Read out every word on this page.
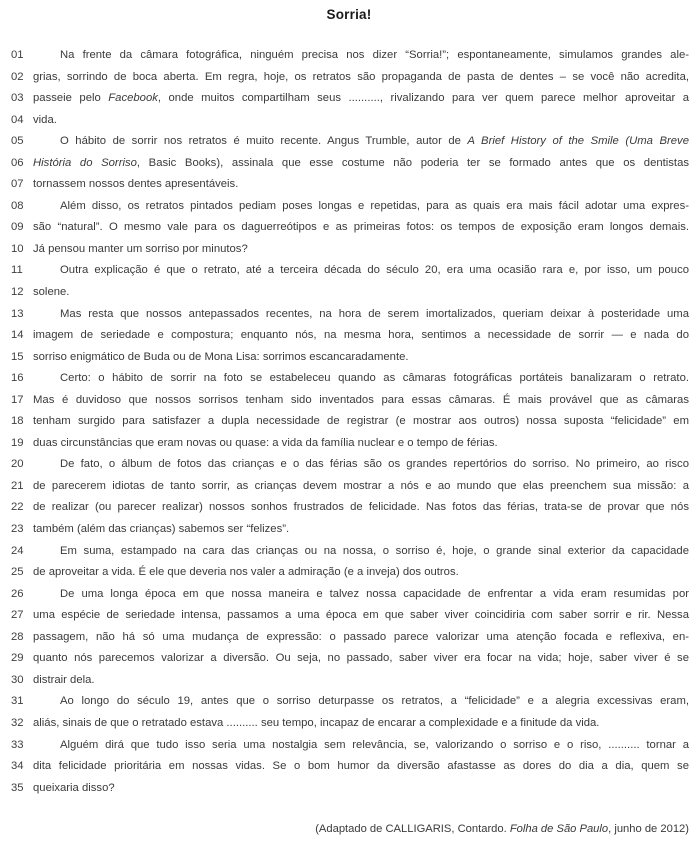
Sorria!
01	Na frente da câmara fotográfica, ninguém precisa nos dizer “Sorria!”; espontaneamente, simulamos grandes ale-
02 grias, sorrindo de boca aberta. Em regra, hoje, os retratos são propaganda de pasta de dentes – se você não acredita,
03 passeie pelo Facebook, onde muitos compartilham seus .........., rivalizando para ver quem parece melhor aproveitar a
04 vida.
05	O hábito de sorrir nos retratos é muito recente. Angus Trumble, autor de A Brief History of the Smile (Uma Breve
06 História do Sorriso, Basic Books), assinala que esse costume não poderia ter se formado antes que os dentistas
07 tornassem nossos dentes apresentáveis.
08	Além disso, os retratos pintados pediam poses longas e repetidas, para as quais era mais fácil adotar uma expres-
09 são “natural”. O mesmo vale para os daguerreótipos e as primeiras fotos: os tempos de exposição eram longos demais.
10 Já pensou manter um sorriso por minutos?
11	Outra explicação é que o retrato, até a terceira década do século 20, era uma ocasião rara e, por isso, um pouco
12 solene.
13	Mas resta que nossos antepassados recentes, na hora de serem imortalizados, queriam deixar à posteridade uma
14 imagem de seriedade e compostura; enquanto nós, na mesma hora, sentimos a necessidade de sorrir — e nada do
15 sorriso enigmático de Buda ou de Mona Lisa: sorrimos escancaradamente.
16	Certo: o hábito de sorrir na foto se estabeleceu quando as câmaras fotográficas portáteis banalizaram o retrato.
17 Mas é duvidoso que nossos sorrisos tenham sido inventados para essas câmaras. É mais provável que as câmaras
18 tenham surgido para satisfazer a dupla necessidade de registrar (e mostrar aos outros) nossa suposta “felicidade” em
19 duas circunstâncias que eram novas ou quase: a vida da família nuclear e o tempo de férias.
20	De fato, o álbum de fotos das crianças e o das férias são os grandes repertórios do sorriso. No primeiro, ao risco
21 de parecerem idiotas de tanto sorrir, as crianças devem mostrar a nós e ao mundo que elas preenchem sua missão: a
22 de realizar (ou parecer realizar) nossos sonhos frustrados de felicidade. Nas fotos das férias, trata-se de provar que nós
23 também (além das crianças) sabemos ser “felizes”.
24	Em suma, estampado na cara das crianças ou na nossa, o sorriso é, hoje, o grande sinal exterior da capacidade
25 de aproveitar a vida. É ele que deveria nos valer a admiração (e a inveja) dos outros.
26	De uma longa época em que nossa maneira e talvez nossa capacidade de enfrentar a vida eram resumidas por
27 uma espécie de seriedade intensa, passamos a uma época em que saber viver coincidiria com saber sorrir e rir. Nessa
28 passagem, não há só uma mudança de expressão: o passado parece valorizar uma atenção focada e reflexiva, en-
29 quanto nós parecemos valorizar a diversão. Ou seja, no passado, saber viver era focar na vida; hoje, saber viver é se
30 distrair dela.
31	Ao longo do século 19, antes que o sorriso deturpasse os retratos, a “felicidade” e a alegria excessivas eram,
32 aliás, sinais de que o retratado estava .......... seu tempo, incapaz de encarar a complexidade e a finitude da vida.
33	Alguém dirá que tudo isso seria uma nostalgia sem relevância, se, valorizando o sorriso e o riso, .......... tornar a
34 dita felicidade prioritária em nossas vidas. Se o bom humor da diversão afastasse as dores do dia a dia, quem se
35 queixaria disso?
(Adaptado de CALLIGARIS, Contardo. Folha de São Paulo, junho de 2012)
